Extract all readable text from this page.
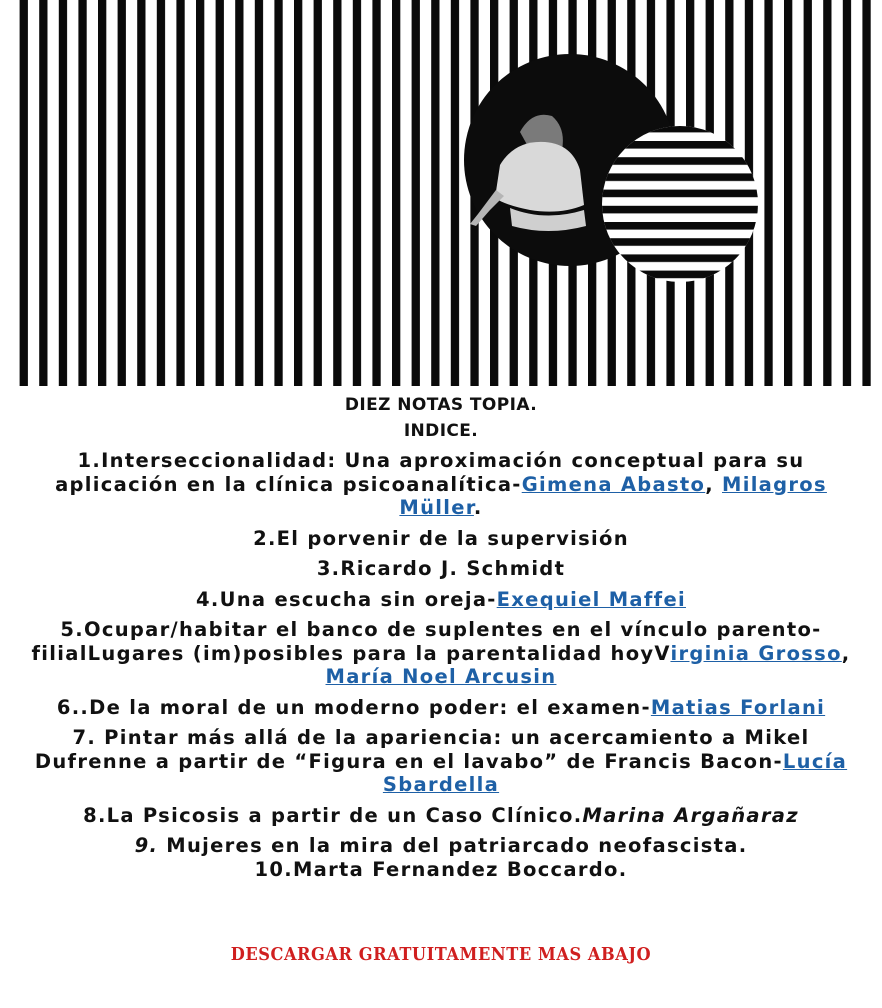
DIEZ NOTAS TOPIA.
INDICE.
1.Interseccionalidad: Una aproximación conceptual para su aplicación en la clínica psicoanalítica-Gimena Abasto, Milagros Müller.
2.El porvenir de la supervisión
3.Ricardo J. Schmidt
4.Una escucha sin oreja-Exequiel Maffei
5.Ocupar/habitar el banco de suplentes en el vínculo parento-filialLugares (im)posibles para la parentalidad hoyVirginia Grosso, María Noel Arcusin
6..De la moral de un moderno poder: el examen-Matias Forlani
7. Pintar más allá de la apariencia: un acercamiento a Mikel Dufrenne a partir de “Figura en el lavabo” de Francis Bacon-Lucía Sbardella
8.La Psicosis a partir de un Caso Clínico.Marina Argañaraz
9. Mujeres en la mira del patriarcado neofascista.
10.Marta Fernandez Boccardo.
DESCARGAR GRATUITAMENTE MAS ABAJO
